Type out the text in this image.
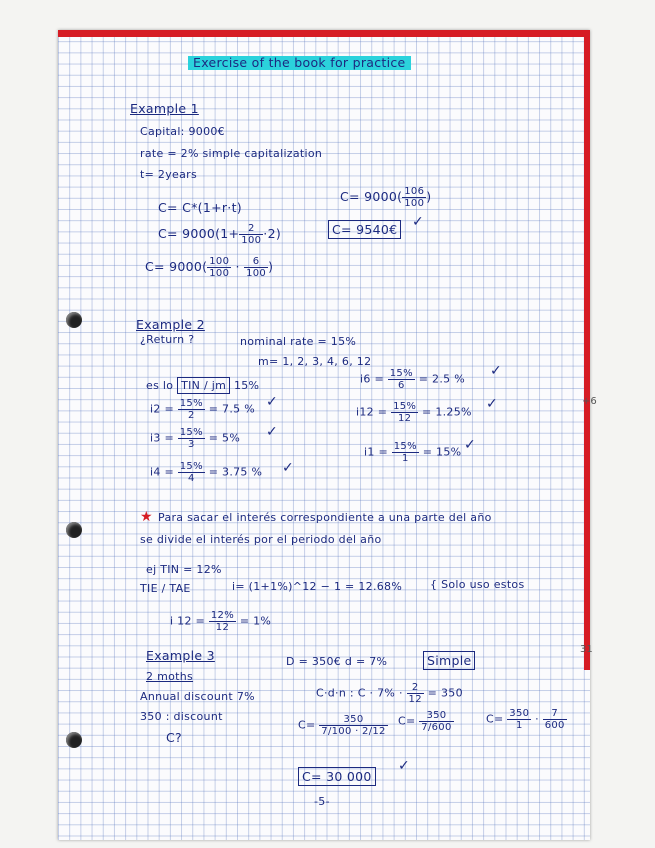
Exercise of the book for practice
Example 1
Capital: 9000€
rate = 2% simple capitalization
t= 2years
C= C*(1+r·t)
$C= 9000(1+ \frac{2}{100} \cdot 2)$
$C= 9000( \frac{100}{100} \cdot \frac{6}{100}$ )
$C= 9000( \frac{106}{100}$ )
C= 9540€ ✓
Example 2
¿Return ?	nominal rate = 15%
m= 1, 2, 3, 4, 6, 12
es lo TIN / jm 15%
$i2 = \frac{15\%}{2} = 7.5$ % ✓
$i3 = \frac{15\%}{3} = 5\%$ ✓
$i4 = \frac{15\%}{4} = 3.75$ % ✓
$i6 = \frac{15\%}{6} = 2.5$ % ✓
$i12 = \frac{15\%}{12} = 1.25\%$ ✓
$i1 = \frac{15\%}{1} = 15\%$ ✓
★ Para sacar el interés correspondiente a una parte del año
se divide el interés por el periodo del año
ej TIN = 12%
TIE / TAE	i= (1+1%)^12 − 1 = 12.68%	{ Solo uso estos
i $12 = \frac{12\%}{12} = 1\%$
Example 3
2 moths
Annual discount 7%
350 : discount
C?
D = 350€ d = 7%	Simple
C·d·n : $C \cdot 7\% \cdot \frac{2}{12} = 350$
$C= \frac{350}{7/100 \cdot 2/12} C= \frac{350}{7/600}$	$C= \frac{350}{1} \cdot \frac{7}{600}$
C= 30 000
✓
-5-
+6
31
